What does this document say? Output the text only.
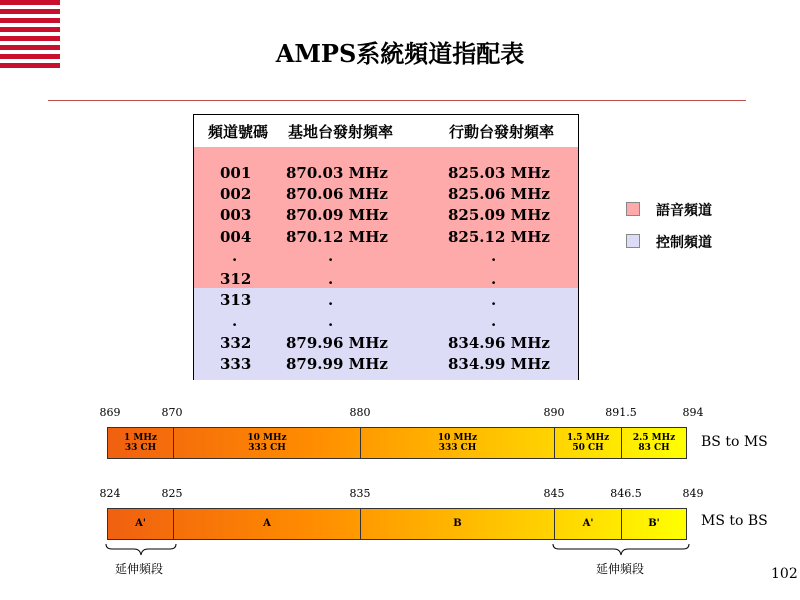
AMPS系統頻道指配表
頻道號碼 基地台發射頻率	行動台發射頻率
001 870.03 MHz	825.03 MHz
002 870.06 MHz	825.06 MHz
003 870.09 MHz	825.09 MHz
004 870.12 MHz	825.12 MHz
.	.	.
312	.	.
313	.	.
.	.	.
332 879.96 MHz	834.96 MHz
333 879.99 MHz	834.99 MHz
語音頻道
控制頻道
869	870	880	890	891.5	894
1 MHz
33 CH
10 MHz
333 CH
10 MHz
333 CH
1.5 MHz
50 CH
2.5 MHz
83 CH	BS to MS
824	825	835	845	846.5	849
A'	A	B	A'	B'	MS to BS
延伸頻段	延伸頻段	102
